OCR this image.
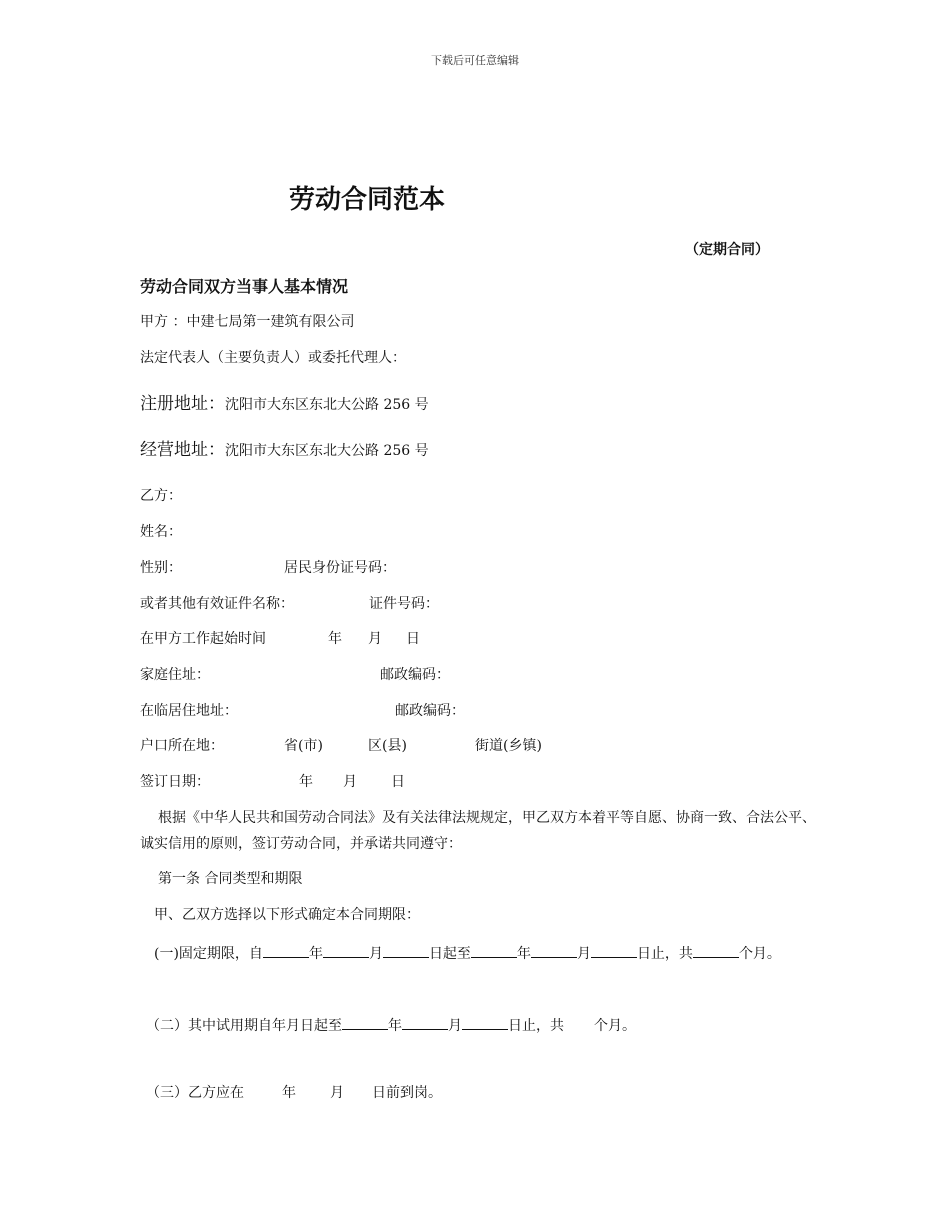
下载后可任意编辑
劳动合同范本
（定期合同）
劳动合同双方当事人基本情况
甲方 ：中建七局第一建筑有限公司
法定代表人（主要负责人）或委托代理人：
注册地址：沈阳市大东区东北大公路 256 号
经营地址：沈阳市大东区东北大公路 256 号
乙方：
姓名：
性别：	居民身份证号码：
或者其他有效证件名称：	证件号码：
在甲方工作起始时间	年 月 日
家庭住址：	邮政编码：
在临居住地址：	邮政编码：
户口所在地：	省(市)	区(县)	街道(乡镇)
签订日期：	年 月 日
根据《中华人民共和国劳动合同法》及有关法律法规规定，甲乙双方本着平等自愿、协商一致、合法公平、诚实信用的原则，签订劳动合同，并承诺共同遵守：
第一条 合同类型和期限
甲、乙双方选择以下形式确定本合同期限：
(一)固定期限，自	年	月	日起至	年	月	日止，共	个月。
（二）其中试用期自年月日起至	年	月	日止，共 个月。
（三）乙方应在	年 月 日前到岗。
